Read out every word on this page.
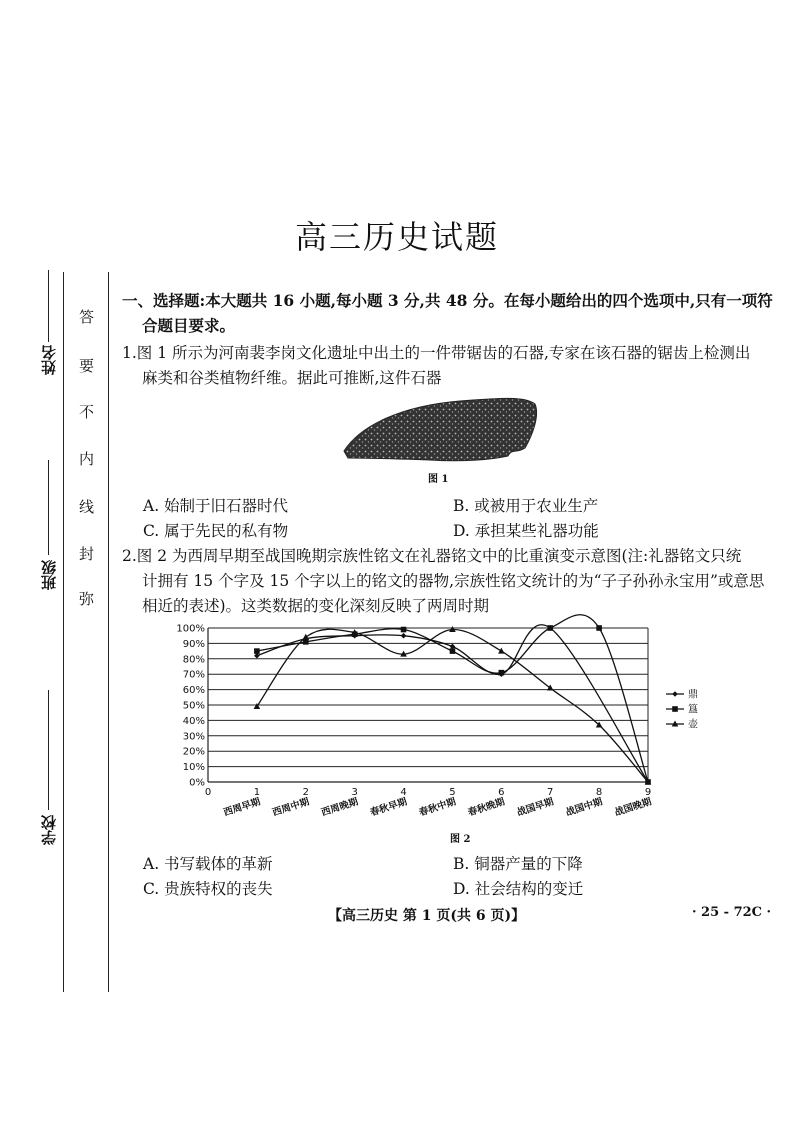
姓名
班级
学校
答
要
不
内
线
封
弥
高三历史试题
一、选择题:本大题共 16 小题,每小题 3 分,共 48 分。在每小题给出的四个选项中,只有一项符
合题目要求。
1.图 1 所示为河南裴李岗文化遗址中出土的一件带锯齿的石器,专家在该石器的锯齿上检测出
麻类和谷类植物纤维。据此可推断,这件石器
图 1
A. 始制于旧石器时代	B. 或被用于农业生产
C. 属于先民的私有物	D. 承担某些礼器功能
2.图 2 为西周早期至战国晚期宗族性铭文在礼器铭文中的比重演变示意图(注:礼器铭文只统
计拥有 15 个字及 15 个字以上的铭文的器物,宗族性铭文统计的为“子子孙孙永宝用”或意思
相近的表述)。这类数据的变化深刻反映了两周时期
0%
10%
20%
30%
40%
50%
60%
70%
80%
90%
100%
0	1	2	3	4	5	6	7	8	9
西周早期 西周中期 西周晚期 春秋早期 春秋中期 春秋晚期 战国早期 战国中期 战国晚期
鼎
簋
壶
图 2
A. 书写载体的革新	B. 铜器产量的下降
C. 贵族特权的丧失	D. 社会结构的变迁
【高三历史 第 1 页(共 6 页)】	· 25 - 72C ·
